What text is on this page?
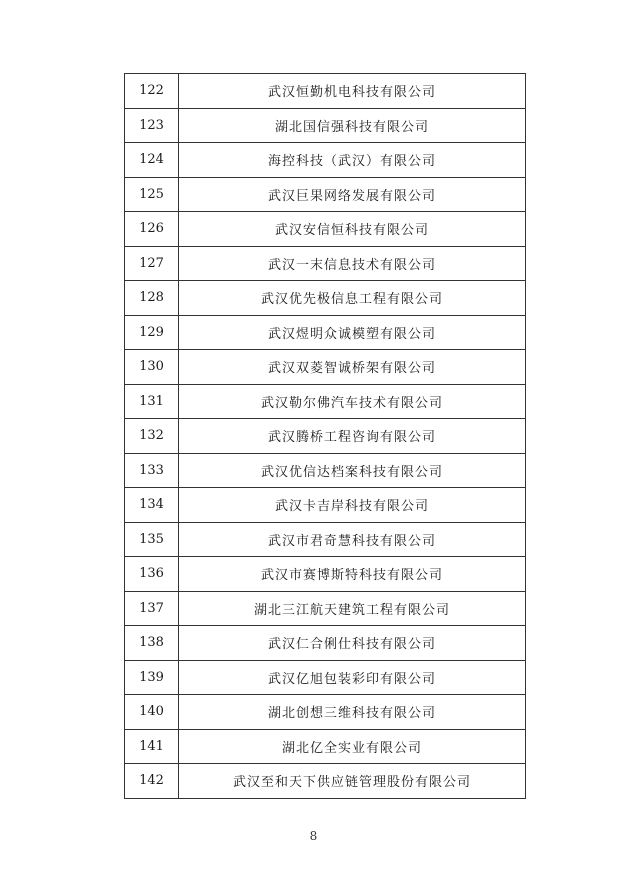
122	武汉恒勤机电科技有限公司
123	湖北国信强科技有限公司
124	海控科技（武汉）有限公司
125	武汉巨果网络发展有限公司
126	武汉安信恒科技有限公司
127	武汉一末信息技术有限公司
128	武汉优先极信息工程有限公司
129	武汉煜明众诚模塑有限公司
130	武汉双菱智诚桥架有限公司
131	武汉勒尔佛汽车技术有限公司
132	武汉腾桥工程咨询有限公司
133	武汉优信达档案科技有限公司
134	武汉卡吉岸科技有限公司
135	武汉市君奇慧科技有限公司
136	武汉市赛博斯特科技有限公司
137	湖北三江航天建筑工程有限公司
138	武汉仁合俐仕科技有限公司
139	武汉亿旭包装彩印有限公司
140	湖北创想三维科技有限公司
141	湖北亿全实业有限公司
142	武汉至和天下供应链管理股份有限公司
8
